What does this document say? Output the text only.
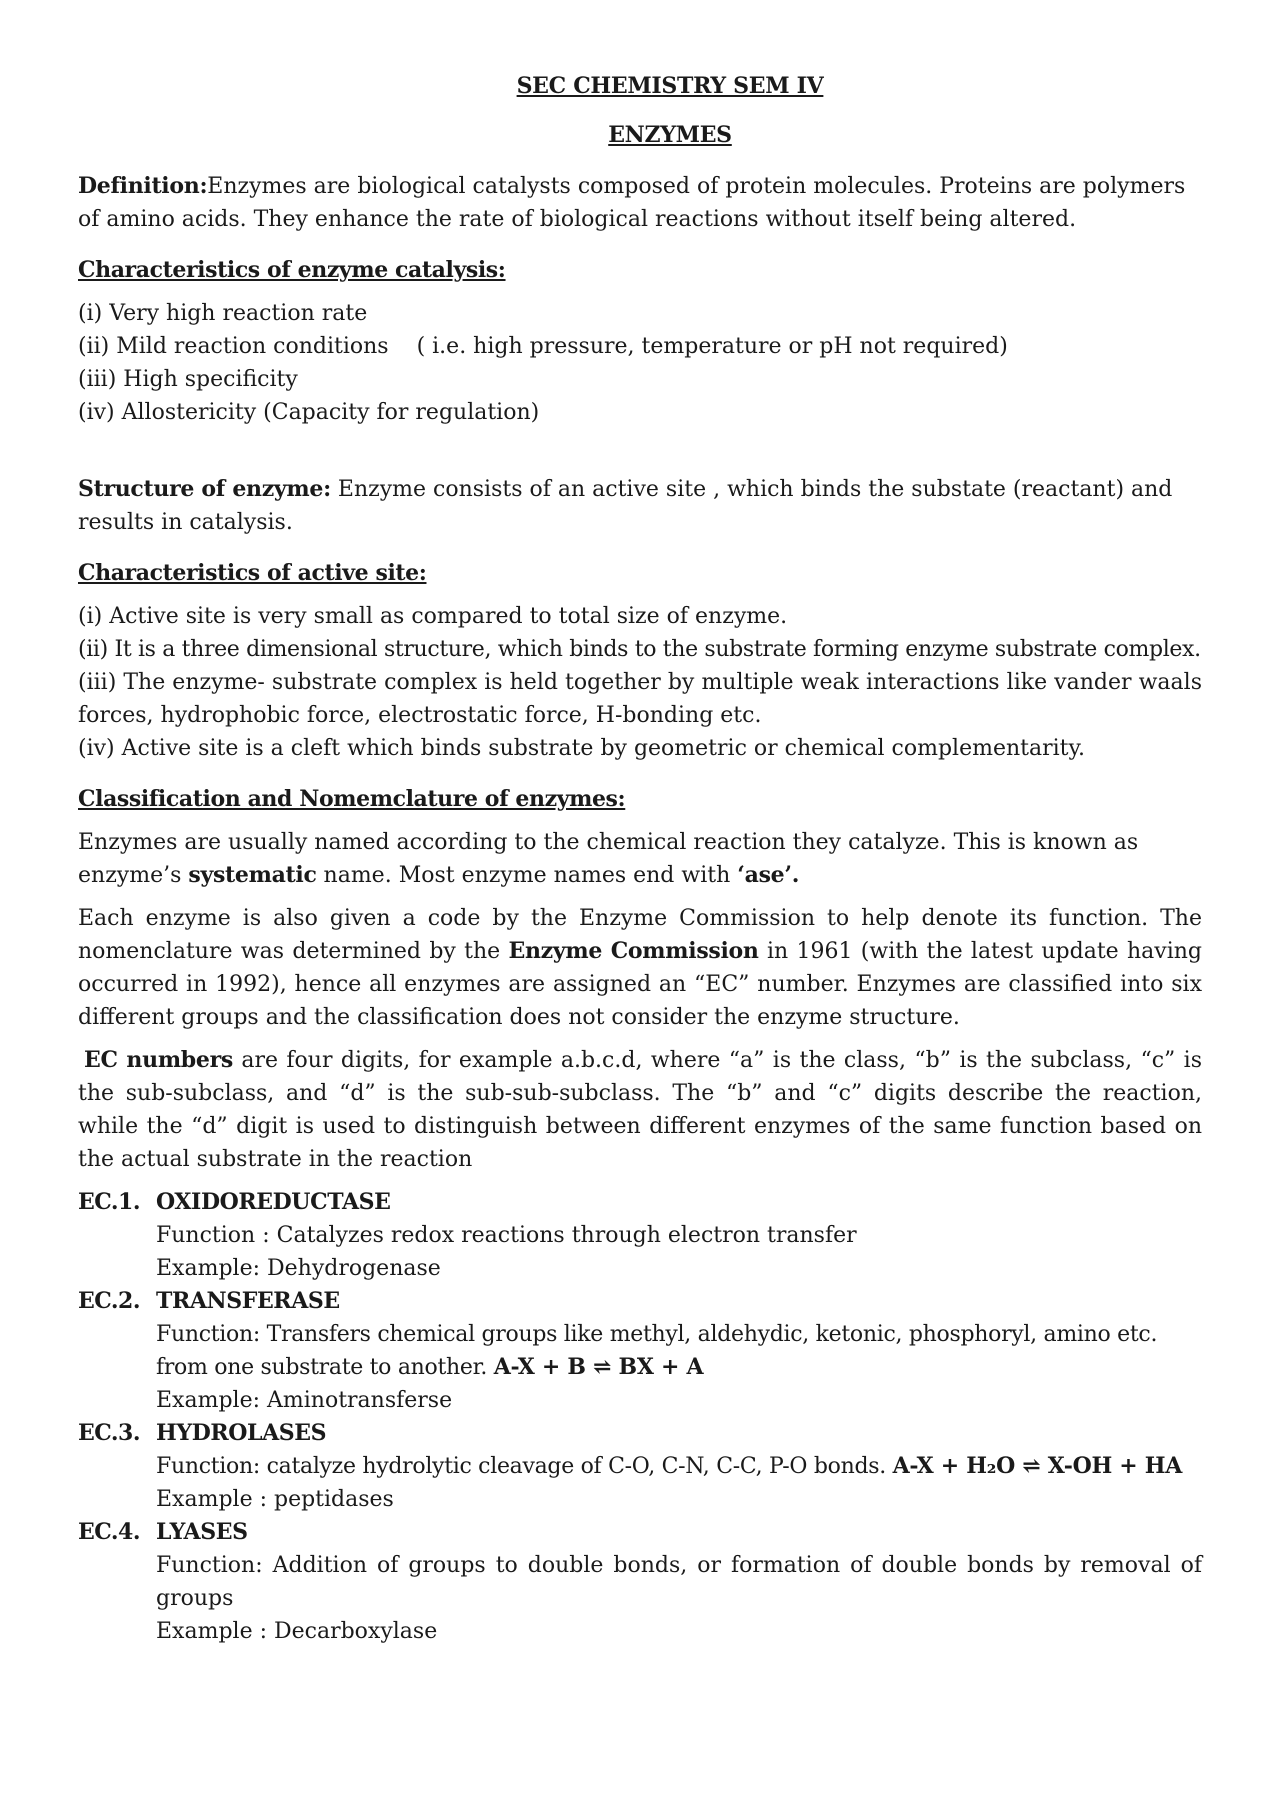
SEC CHEMISTRY SEM IV
ENZYMES

Definition:Enzymes are biological catalysts composed of protein molecules. Proteins are polymers of amino acids. They enhance the rate of biological reactions without itself being altered.

Characteristics of enzyme catalysis:

(i) Very high reaction rate

(ii) Mild reaction conditions    ( i.e. high pressure, temperature or pH not required)

(iii) High specificity

(iv) Allostericity (Capacity for regulation)

Structure of enzyme: Enzyme consists of an active site , which binds the substate (reactant) and results in catalysis.

Characteristics of active site:

(i) Active site is very small as compared to total size of enzyme.

(ii) It is a three dimensional structure, which binds to the substrate forming enzyme substrate complex.

(iii) The enzyme- substrate complex is held together by multiple weak interactions like vander waals forces, hydrophobic force, electrostatic force, H-bonding etc.

(iv) Active site is a cleft which binds substrate by geometric or chemical complementarity.

Classification and Nomemclature of enzymes:

Enzymes are usually named according to the chemical reaction they catalyze. This is known as enzyme’s systematic name. Most enzyme names end with ‘ase’.

Each enzyme is also given a code by the Enzyme Commission to help denote its function. The nomenclature was determined by the Enzyme Commission in 1961 (with the latest update having occurred in 1992), hence all enzymes are assigned an “EC” number. Enzymes are classified into six different groups and the classification does not consider the enzyme structure.

EC numbers are four digits, for example a.b.c.d, where “a” is the class, “b” is the subclass, “c” is the sub-subclass, and “d” is the sub-sub-subclass. The “b” and “c” digits describe the reaction, while the “d” digit is used to distinguish between different enzymes of the same function based on the actual substrate in the reaction

EC.1. OXIDOREDUCTASE

Function : Catalyzes redox reactions through electron transfer

Example: Dehydrogenase

EC.2. TRANSFERASE

Function: Transfers chemical groups like methyl, aldehydic, ketonic, phosphoryl, amino etc. from one substrate to another. A-X + B ⇌ BX + A

Example: Aminotransferse

EC.3. HYDROLASES

Function: catalyze hydrolytic cleavage of C-O, C-N, C-C, P-O bonds. A-X + H₂O ⇌ X-OH + HA

Example : peptidases

EC.4. LYASES

Function: Addition of groups to double bonds, or formation of double bonds by removal of groups

Example : Decarboxylase
